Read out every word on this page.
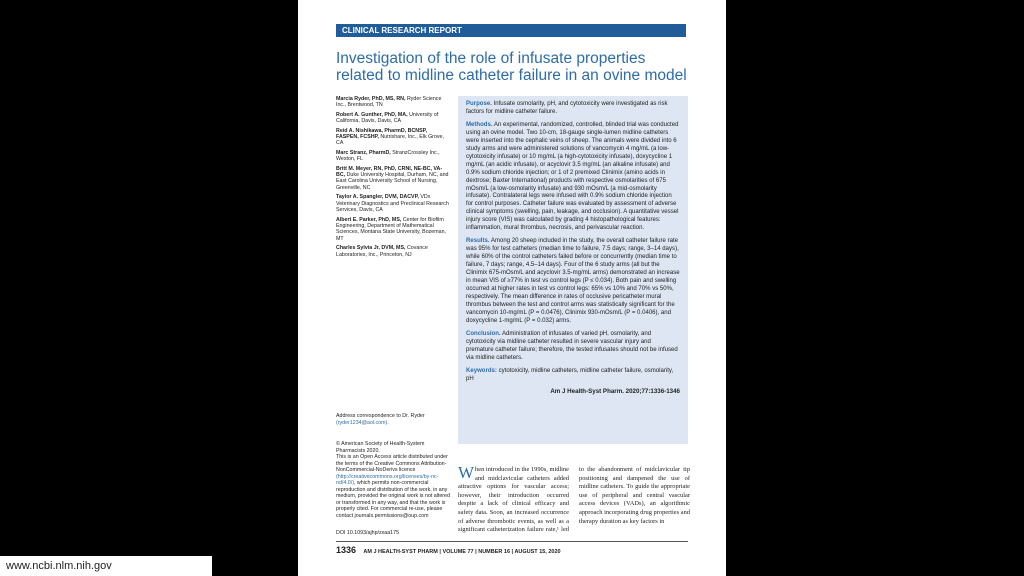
CLINICAL RESEARCH REPORT
Investigation of the role of infusate properties related to midline catheter failure in an ovine model
Marcia Ryder, PhD, MS, RN, Ryder Science Inc., Brentwood, TN
Robert A. Gunther, PhD, MA, University of California, Davis, Davis, CA
Reid A. Nishikawa, PharmD, BCNSP, FASPEN, FCSHP, Nutrishare, Inc., Elk Grove, CA
Marc Stranz, PharmD, StranzCrossley Inc., Weston, FL
Britt M. Meyer, RN, PhD, CRNI, NE-BC, VA-BC, Duke University Hospital, Durham, NC, and East Carolina University School of Nursing, Greenville, NC
Taylor A. Spangler, DVM, DACVP, VDx Veterinary Diagnostics and Preclinical Research Services, Davis, CA
Albert E. Parker, PhD, MS, Center for Biofilm Engineering, Department of Mathematical Sciences, Montana State University, Bozeman, MT
Charles Sylvia Jr, DVM, MS, Covance Laboratories, Inc., Princeton, NJ

Purpose. Infusate osmolarity, pH, and cytotoxicity were investigated as risk factors for midline catheter failure.

Methods. An experimental, randomized, controlled, blinded trial was conducted using an ovine model. Two 10-cm, 18-gauge single-lumen midline catheters were inserted into the cephalic veins of sheep. The animals were divided into 6 study arms and were administered solutions of vancomycin 4 mg/mL (a low-cytotoxicity infusate) or 10 mg/mL (a high-cytotoxicity infusate), doxycycline 1 mg/mL (an acidic infusate), or acyclovir 3.5 mg/mL (an alkaline infusate) and 0.9% sodium chloride injection; or 1 of 2 premixed Clinimix (amino acids in dextrose; Baxter International) products with respective osmolarities of 675 mOsm/L (a low-osmolarity infusate) and 930 mOsm/L (a mid-osmolarity infusate). Contralateral legs were infused with 0.9% sodium chloride injection for control purposes. Catheter failure was evaluated by assessment of adverse clinical symptoms (swelling, pain, leakage, and occlusion). A quantitative vessel injury score (VIS) was calculated by grading 4 histopathological features: inflammation, mural thrombus, necrosis, and perivascular reaction.

Results. Among 20 sheep included in the study, the overall catheter failure rate was 95% for test catheters (median time to failure, 7.5 days; range, 3–14 days), while 60% of the control catheters failed before or concurrently (median time to failure, 7 days; range, 4.5–14 days). Four of the 6 study arms (all but the Clinimix 675-mOsm/L and acyclovir 3.5-mg/mL arms) demonstrated an increase in mean VIS of ≥77% in test vs control legs (P ≤ 0.034). Both pain and swelling occurred at higher rates in test vs control legs: 65% vs 10% and 70% vs 50%, respectively. The mean difference in rates of occlusive pericatheter mural thrombus between the test and control arms was statistically significant for the vancomycin 10-mg/mL (P = 0.0476), Clinimix 930-mOsm/L (P = 0.0406), and doxycycline 1-mg/mL (P = 0.032) arms.

Conclusion. Administration of infusates of varied pH, osmolarity, and cytotoxicity via midline catheter resulted in severe vascular injury and premature catheter failure; therefore, the tested infusates should not be infused via midline catheters.

Keywords: cytotoxicity, midline catheters, midline catheter failure, osmolarity, pH

Am J Health-Syst Pharm. 2020;77:1336-1346
Address correspondence to Dr. Ryder
(ryder1234@aol.com).
© American Society of Health-System Pharmacists 2020.
This is an Open Access article distributed under the terms of the Creative Commons Attribution-NonCommercial-NoDerivs licence (http://creativecommons.org/licenses/by-nc-nd/4.0/), which permits non-commercial reproduction and distribution of the work, in any medium, provided the original work is not altered or transformed in any way, and that the work is properly cited. For commercial re-use, please contact journals.permissions@oup.com
DOI 10.1093/ajhp/zxaa175
When introduced in the 1990s, midline and midclavicular catheters added attractive options for vascular access; however, their introduction occurred despite a lack of clinical efficacy and safety data. Soon, an increased occurrence of adverse thrombotic events, as well as a significant catheterization failure rate,¹ led to the abandonment of midclavicular tip positioning and dampened the use of midline catheters. To guide the appropriate use of peripheral and central vascular access devices (VADs), an algorithmic approach incorporating drug properties and therapy duration as key factors in
1336 AM J HEALTH-SYST PHARM | VOLUME 77 | NUMBER 16 | AUGUST 15, 2020
www.ncbi.nlm.nih.gov
